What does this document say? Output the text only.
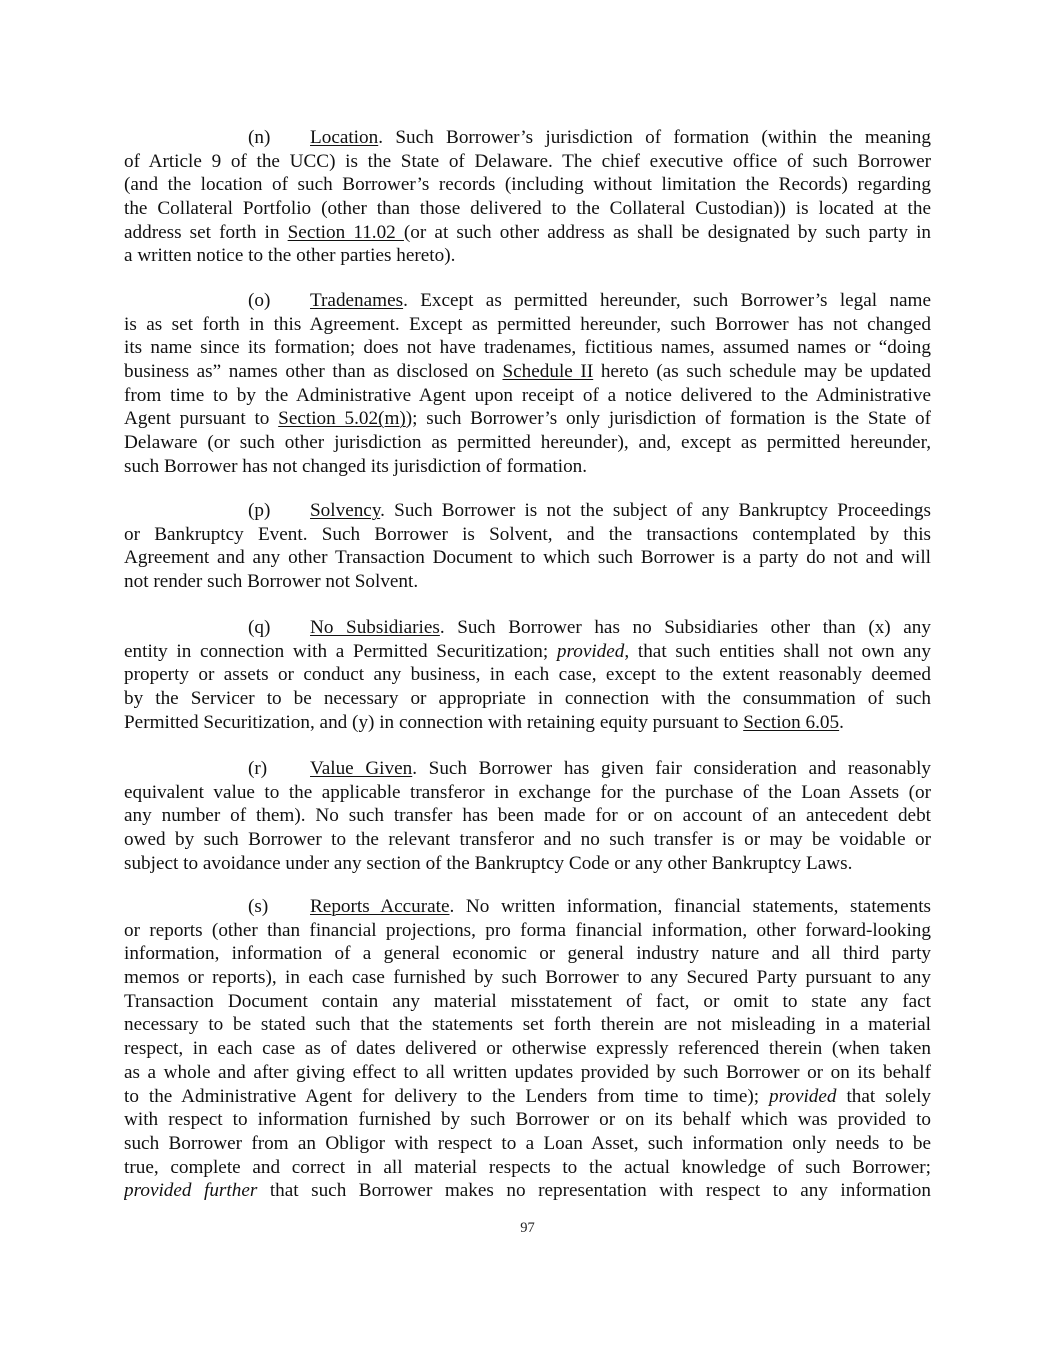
(n) Location. Such Borrower’s jurisdiction of formation (within the meaning
of Article 9 of the UCC) is the State of Delaware. The chief executive office of such Borrower
(and the location of such Borrower’s records (including without limitation the Records) regarding
the Collateral Portfolio (other than those delivered to the Collateral Custodian)) is located at the
address set forth in Section 11.02 (or at such other address as shall be designated by such party in
a written notice to the other parties hereto).
(o) Tradenames. Except as permitted hereunder, such Borrower’s legal name
is as set forth in this Agreement. Except as permitted hereunder, such Borrower has not changed
its name since its formation; does not have tradenames, fictitious names, assumed names or “doing
business as” names other than as disclosed on Schedule II hereto (as such schedule may be updated
from time to by the Administrative Agent upon receipt of a notice delivered to the Administrative
Agent pursuant to Section 5.02(m)); such Borrower’s only jurisdiction of formation is the State of
Delaware (or such other jurisdiction as permitted hereunder), and, except as permitted hereunder,
such Borrower has not changed its jurisdiction of formation.
(p) Solvency. Such Borrower is not the subject of any Bankruptcy Proceedings
or Bankruptcy Event. Such Borrower is Solvent, and the transactions contemplated by this
Agreement and any other Transaction Document to which such Borrower is a party do not and will
not render such Borrower not Solvent.
(q) No Subsidiaries. Such Borrower has no Subsidiaries other than (x) any
entity in connection with a Permitted Securitization; provided, that such entities shall not own any
property or assets or conduct any business, in each case, except to the extent reasonably deemed
by the Servicer to be necessary or appropriate in connection with the consummation of such
Permitted Securitization, and (y) in connection with retaining equity pursuant to Section 6.05.
(r) Value Given. Such Borrower has given fair consideration and reasonably
equivalent value to the applicable transferor in exchange for the purchase of the Loan Assets (or
any number of them). No such transfer has been made for or on account of an antecedent debt
owed by such Borrower to the relevant transferor and no such transfer is or may be voidable or
subject to avoidance under any section of the Bankruptcy Code or any other Bankruptcy Laws.
(s) Reports Accurate. No written information, financial statements, statements
or reports (other than financial projections, pro forma financial information, other forward-looking
information, information of a general economic or general industry nature and all third party
memos or reports), in each case furnished by such Borrower to any Secured Party pursuant to any
Transaction Document contain any material misstatement of fact, or omit to state any fact
necessary to be stated such that the statements set forth therein are not misleading in a material
respect, in each case as of dates delivered or otherwise expressly referenced therein (when taken
as a whole and after giving effect to all written updates provided by such Borrower or on its behalf
to the Administrative Agent for delivery to the Lenders from time to time); provided that solely
with respect to information furnished by such Borrower or on its behalf which was provided to
such Borrower from an Obligor with respect to a Loan Asset, such information only needs to be
true, complete and correct in all material respects to the actual knowledge of such Borrower;
provided further that such Borrower makes no representation with respect to any information
97
